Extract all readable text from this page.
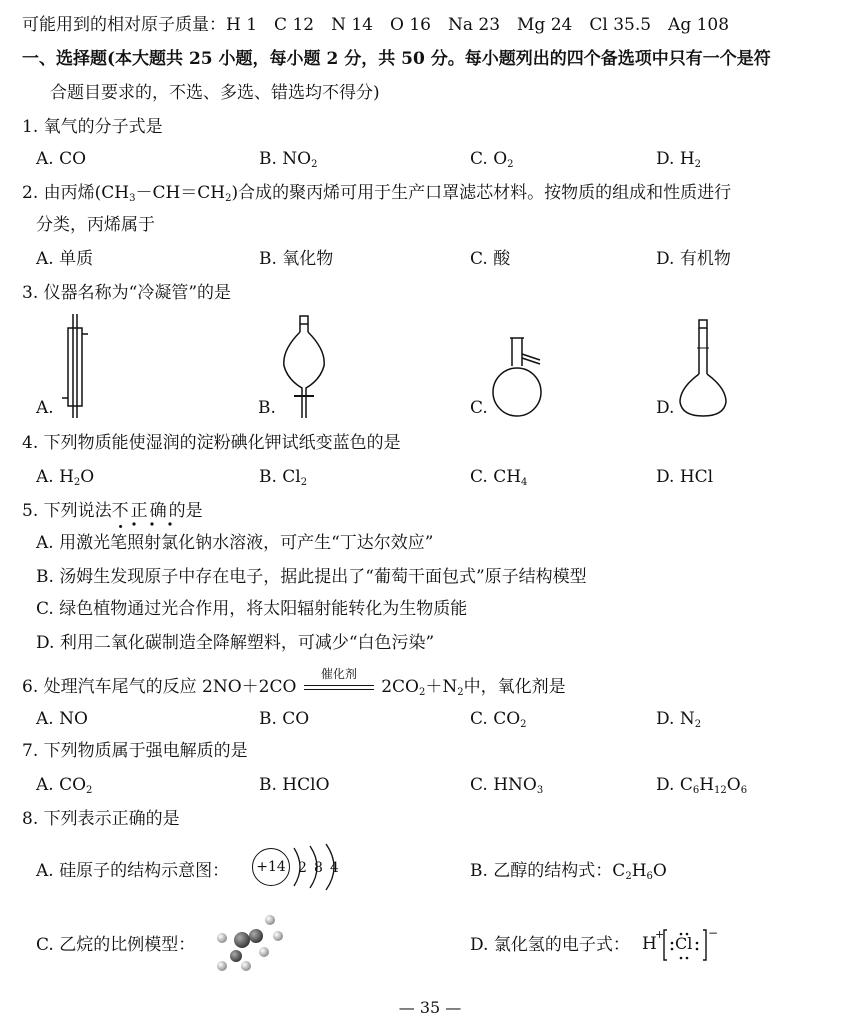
可能用到的相对原子质量：H 1　C 12　N 14　O 16　Na 23　Mg 24　Cl 35.5　Ag 108
一、选择题(本大题共 25 小题，每小题 2 分，共 50 分。每小题列出的四个备选项中只有一个是符
合题目要求的，不选、多选、错选均不得分)
1. 氧气的分子式是
A. CO	B. $NO_2$	C. $O_2$	D. $H_2$
2. 由丙烯$(CH_3-CH=CH_2)$合成的聚丙烯可用于生产口罩滤芯材料。按物质的组成和性质进行
分类，丙烯属于
A. 单质	B. 氧化物	C. 酸	D. 有机物
3. 仪器名称为“冷凝管”的是
A.	B.	C.	D.
4. 下列物质能使湿润的淀粉碘化钾试纸变蓝色的是
A. $H_2O$	B. $Cl_2$	C. $CH_4$	D. HCl
5. 下列说法不正确的是
A. 用激光笔照射氯化钠水溶液，可产生“丁达尔效应”
B. 汤姆生发现原子中存在电子，据此提出了“葡萄干面包式”原子结构模型
C. 绿色植物通过光合作用，将太阳辐射能转化为生物质能
D. 利用二氧化碳制造全降解塑料，可减少“白色污染”
6. 处理汽车尾气的反应 2NO＋2CO
催化剂
$2CO_2+N_2$中，氧化剂是
A. NO	B. CO	C. $CO_2$	D. $N_2$
7. 下列物质属于强电解质的是
A. $CO_2$	B. HClO	C. $HNO_3$	D. $C_6H_{12}O_6$
8. 下列表示正确的是
A. 硅原子的结构示意图：	+14 2 8 4	B. 乙醇的结构式：$C_2H_6O$
C. 乙烷的比例模型：	D. 氯化氢的电子式： H
+ Cl
−
— 35 —
